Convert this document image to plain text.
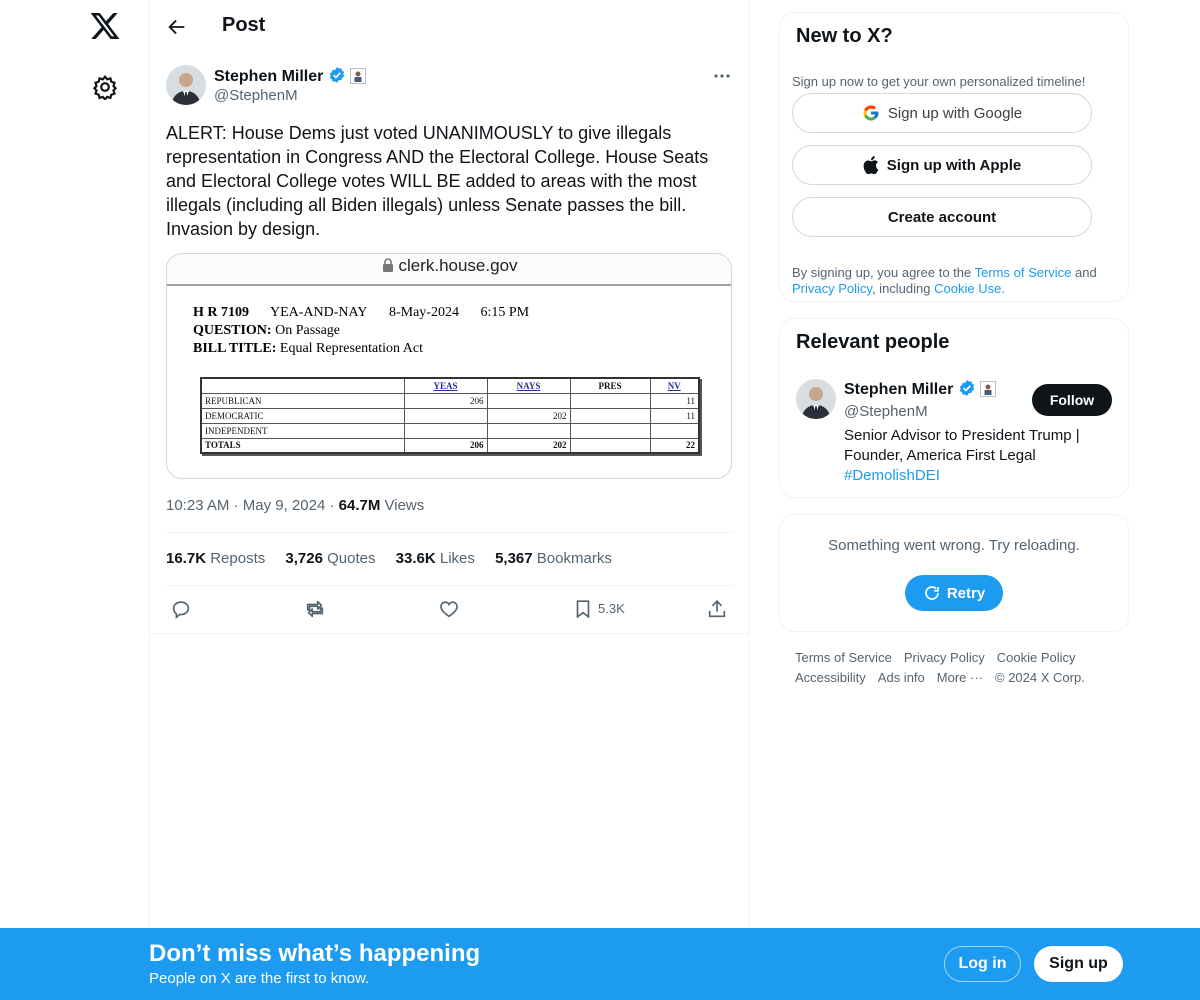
Post
Stephen Miller
@StephenM
ALERT: House Dems just voted UNANIMOUSLY to give illegals representation in Congress AND the Electoral College. House Seats and Electoral College votes WILL BE added to areas with the most illegals (including all Biden illegals) unless Senate passes the bill. Invasion by design.
clerk.house.gov
H R 7109 YEA-AND-NAY 8-May-2024 6:15 PM
QUESTION: On Passage
BILL TITLE: Equal Representation Act
	YEAS	NAYS	PRES	NV
REPUBLICAN	206			11
DEMOCRATIC		202		11
INDEPENDENT				
TOTALS	206	202		22
10:23 AM · May 9, 2024 · 64.7M Views
16.7K Reposts 3,726 Quotes 33.6K Likes 5,367 Bookmarks
5.3K
New to X?
Sign up now to get your own personalized timeline!
Sign up with Google
Sign up with Apple
Create account
By signing up, you agree to the Terms of Service and Privacy Policy, including Cookie Use.
Relevant people
Stephen Miller
@StephenM
Follow
Senior Advisor to President Trump | Founder, America First Legal
#DemolishDEI
Something went wrong. Try reloading.
Retry
Terms of Service Privacy Policy Cookie Policy
Accessibility Ads info More ··· © 2024 X Corp.
Don’t miss what’s happening
People on X are the first to know.
Log in	Sign up
